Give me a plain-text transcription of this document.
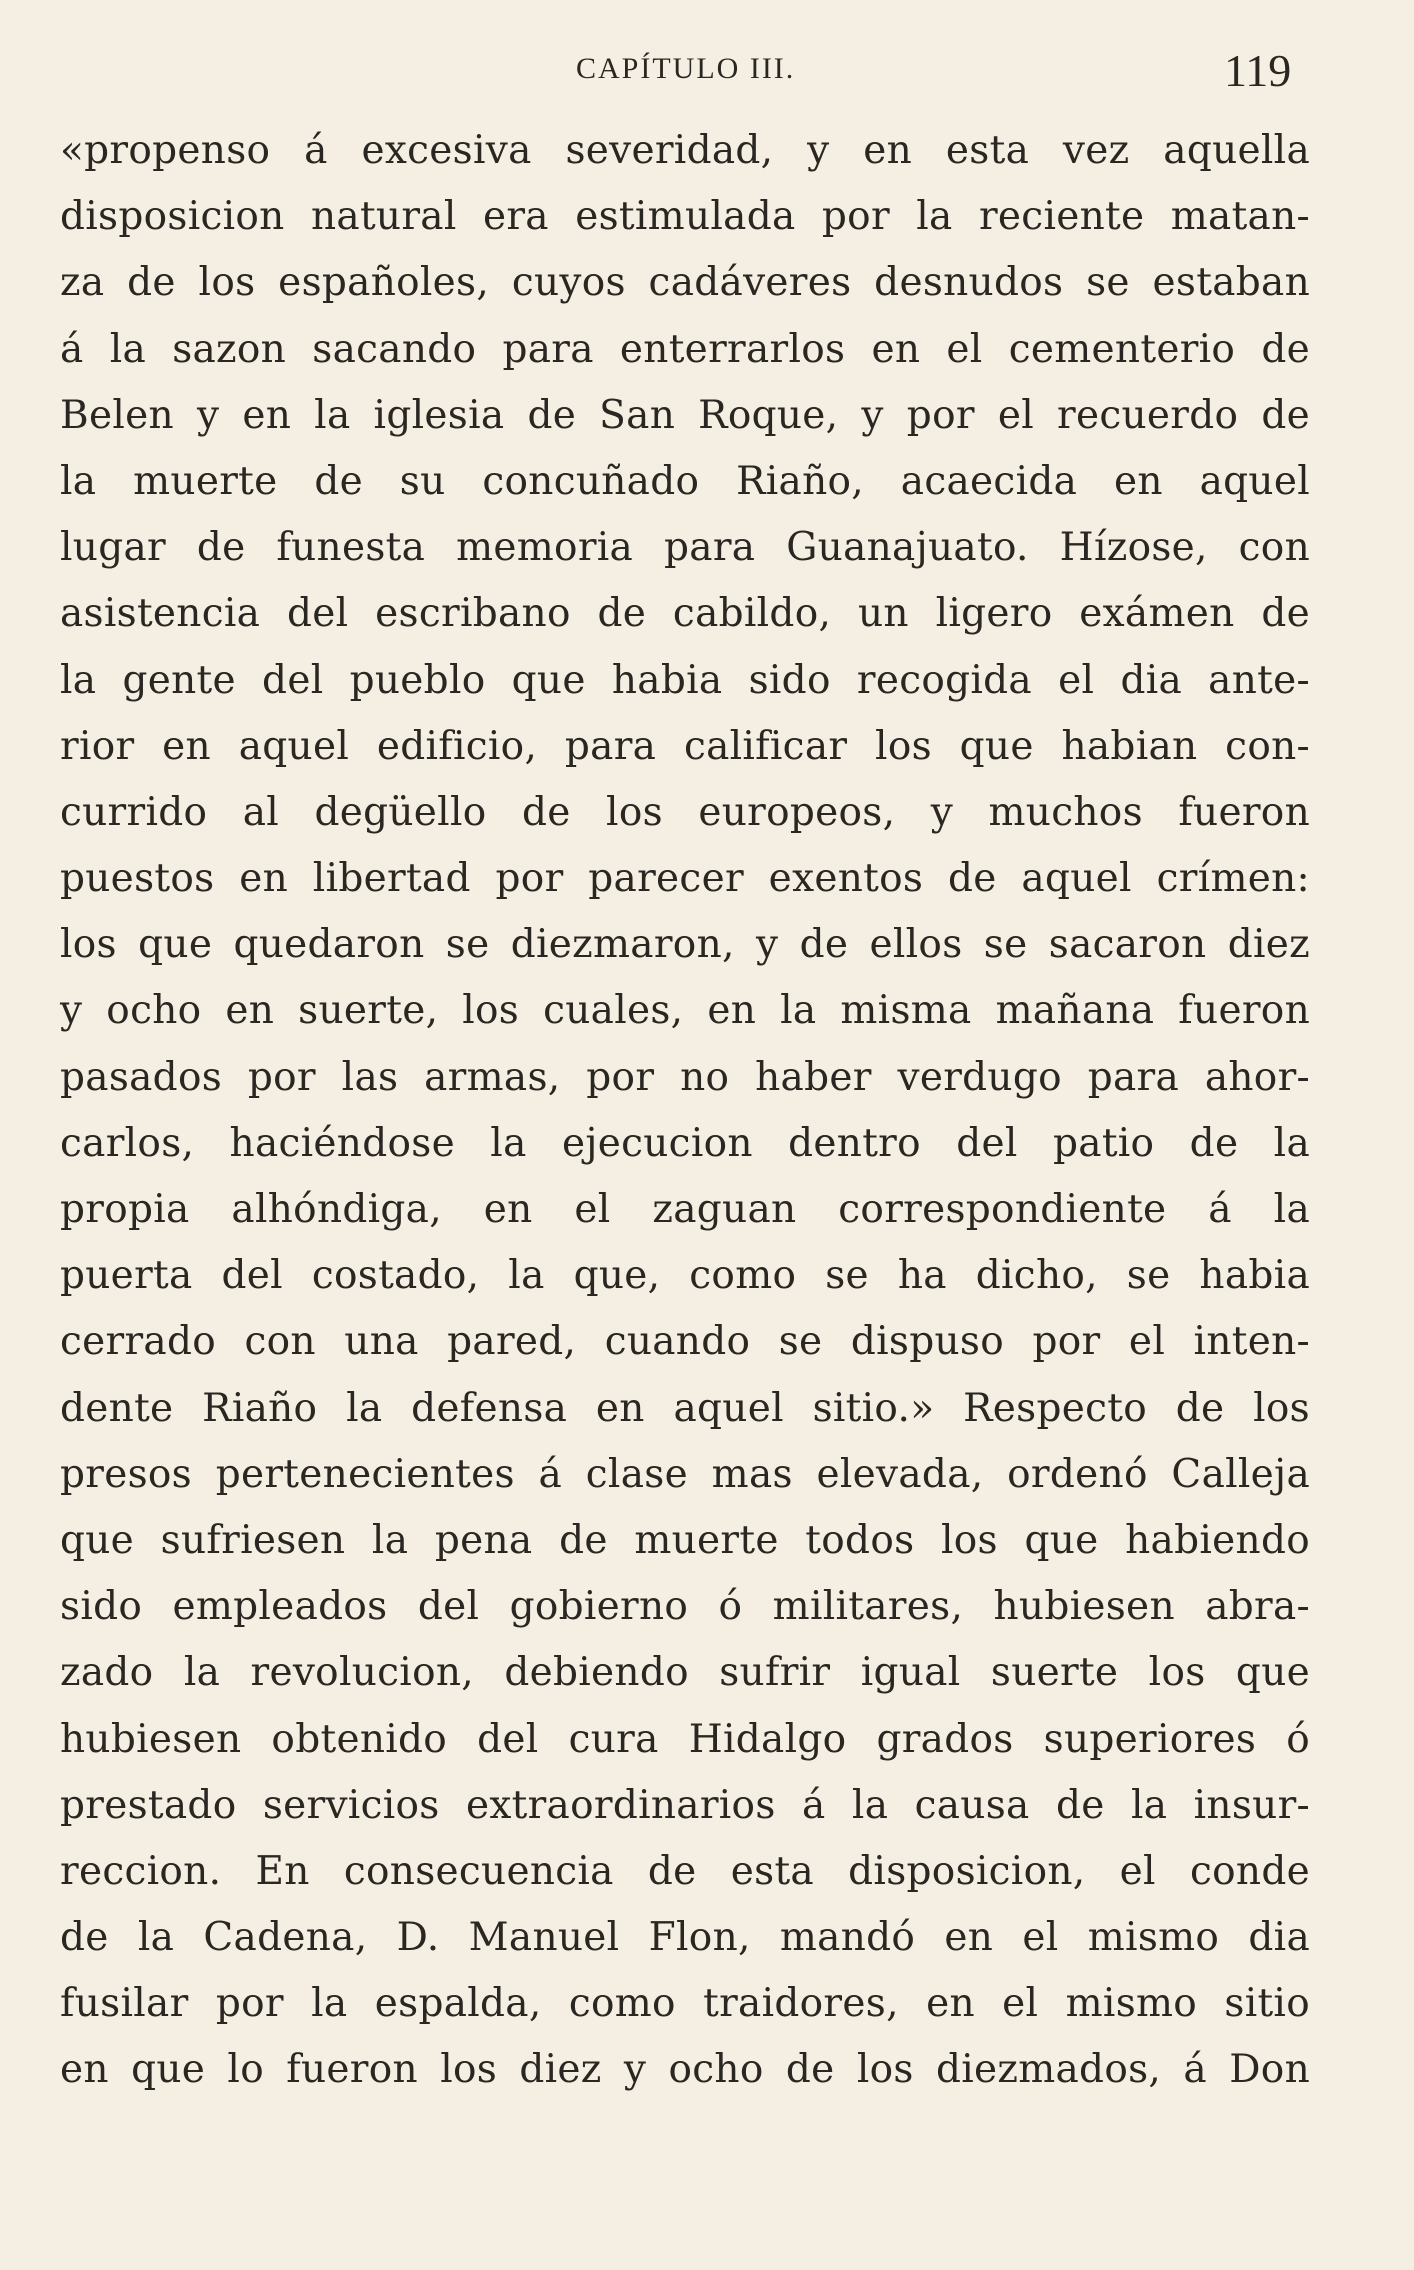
CAPÍTULO III.	119
«propenso á excesiva severidad, y en esta vez aquella
disposicion natural era estimulada por la reciente matan-
za de los españoles, cuyos cadáveres desnudos se estaban
á la sazon sacando para enterrarlos en el cementerio de
Belen y en la iglesia de San Roque, y por el recuerdo de
la muerte de su concuñado Riaño, acaecida en aquel
lugar de funesta memoria para Guanajuato. Hízose, con
asistencia del escribano de cabildo, un ligero exámen de
la gente del pueblo que habia sido recogida el dia ante-
rior en aquel edificio, para calificar los que habian con-
currido al degüello de los europeos, y muchos fueron
puestos en libertad por parecer exentos de aquel crímen:
los que quedaron se diezmaron, y de ellos se sacaron diez
y ocho en suerte, los cuales, en la misma mañana fueron
pasados por las armas, por no haber verdugo para ahor-
carlos, haciéndose la ejecucion dentro del patio de la
propia alhóndiga, en el zaguan correspondiente á la
puerta del costado, la que, como se ha dicho, se habia
cerrado con una pared, cuando se dispuso por el inten-
dente Riaño la defensa en aquel sitio.» Respecto de los
presos pertenecientes á clase mas elevada, ordenó Calleja
que sufriesen la pena de muerte todos los que habiendo
sido empleados del gobierno ó militares, hubiesen abra-
zado la revolucion, debiendo sufrir igual suerte los que
hubiesen obtenido del cura Hidalgo grados superiores ó
prestado servicios extraordinarios á la causa de la insur-
reccion. En consecuencia de esta disposicion, el conde
de la Cadena, D. Manuel Flon, mandó en el mismo dia
fusilar por la espalda, como traidores, en el mismo sitio
en que lo fueron los diez y ocho de los diezmados, á Don
